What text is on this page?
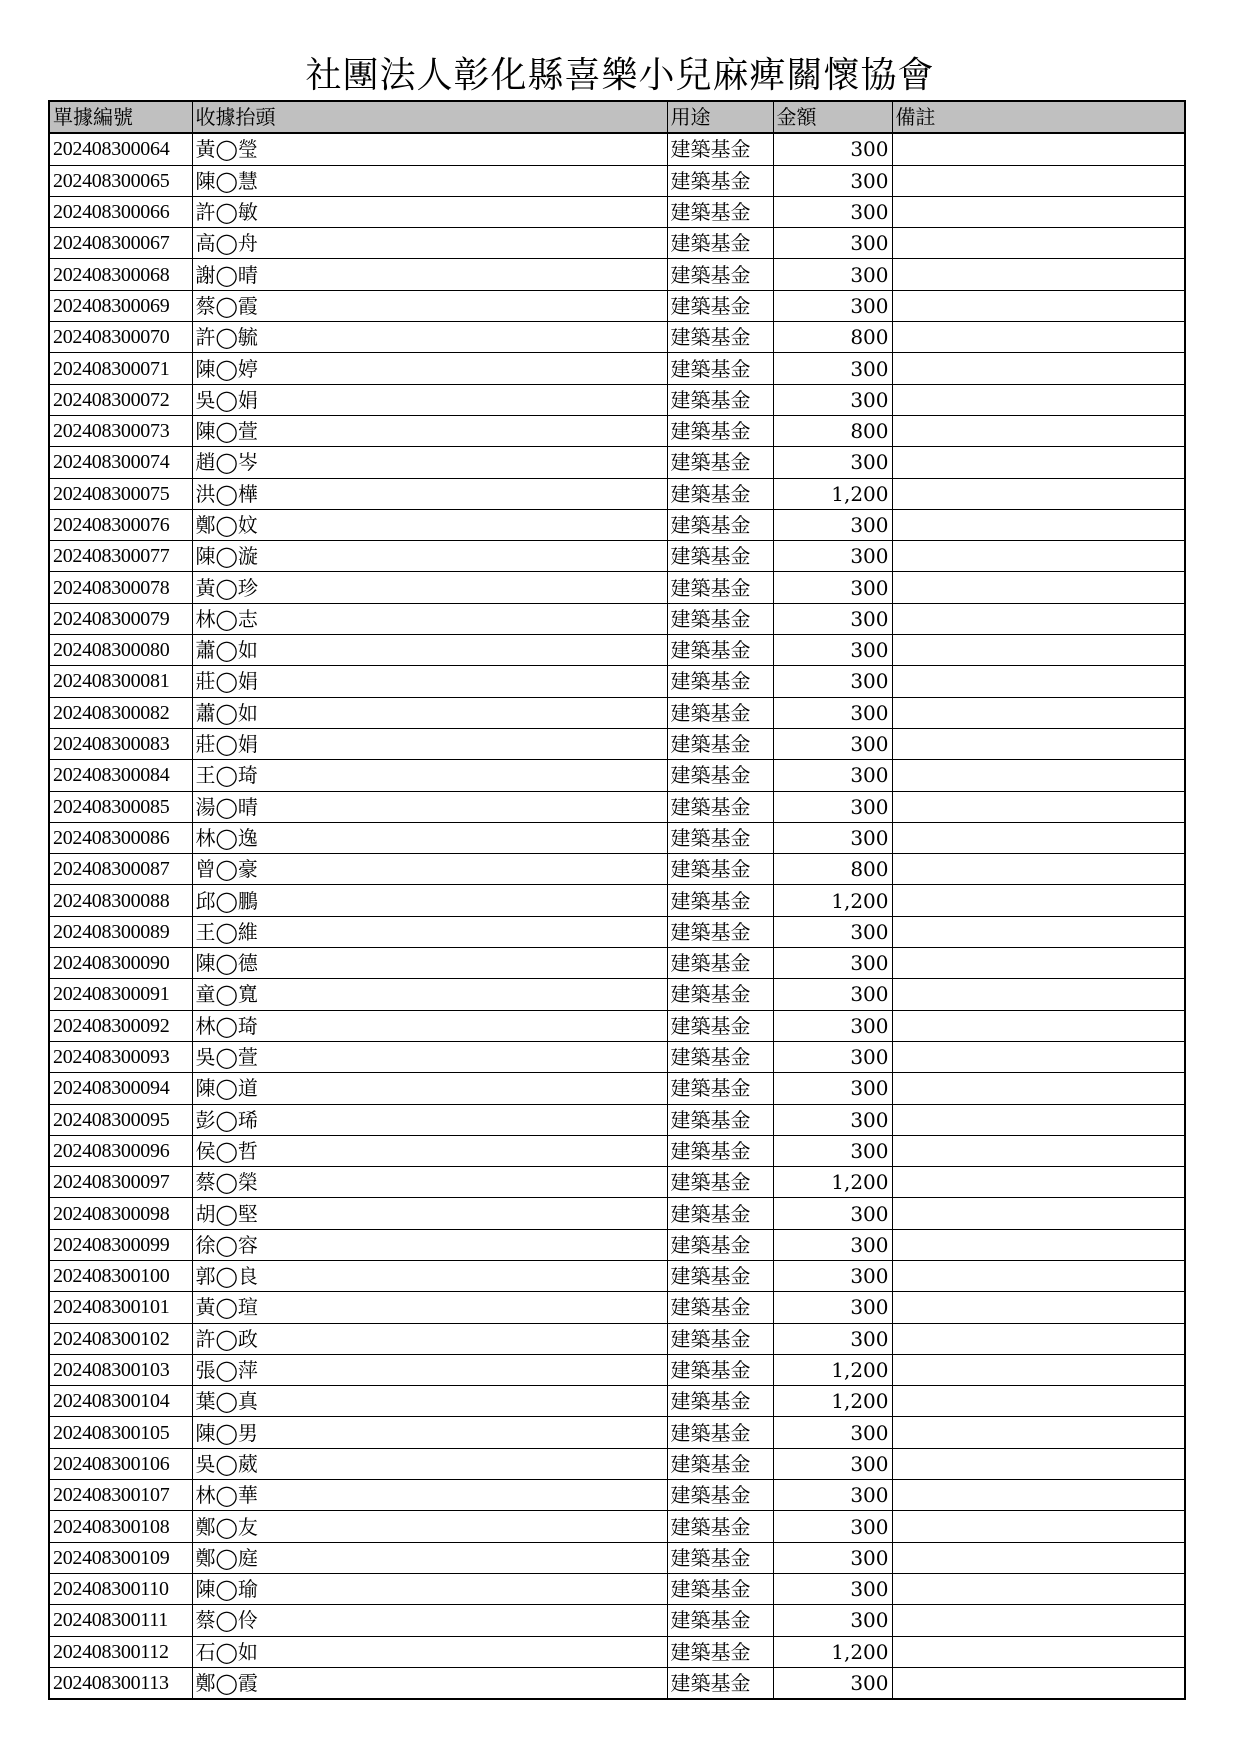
社團法人彰化縣喜樂小兒麻痺關懷協會
單據編號	收據抬頭	用途	金額	備註
202408300064	黃◯瑩	建築基金	300	
202408300065	陳◯慧	建築基金	300	
202408300066	許◯敏	建築基金	300	
202408300067	高◯舟	建築基金	300	
202408300068	謝◯晴	建築基金	300	
202408300069	蔡◯霞	建築基金	300	
202408300070	許◯毓	建築基金	800	
202408300071	陳◯婷	建築基金	300	
202408300072	吳◯娟	建築基金	300	
202408300073	陳◯萱	建築基金	800	
202408300074	趙◯岑	建築基金	300	
202408300075	洪◯樺	建築基金	1,200	
202408300076	鄭◯妏	建築基金	300	
202408300077	陳◯漩	建築基金	300	
202408300078	黃◯珍	建築基金	300	
202408300079	林◯志	建築基金	300	
202408300080	蕭◯如	建築基金	300	
202408300081	莊◯娟	建築基金	300	
202408300082	蕭◯如	建築基金	300	
202408300083	莊◯娟	建築基金	300	
202408300084	王◯琦	建築基金	300	
202408300085	湯◯晴	建築基金	300	
202408300086	林◯逸	建築基金	300	
202408300087	曾◯豪	建築基金	800	
202408300088	邱◯鵬	建築基金	1,200	
202408300089	王◯維	建築基金	300	
202408300090	陳◯德	建築基金	300	
202408300091	童◯寬	建築基金	300	
202408300092	林◯琦	建築基金	300	
202408300093	吳◯萱	建築基金	300	
202408300094	陳◯道	建築基金	300	
202408300095	彭◯琋	建築基金	300	
202408300096	侯◯哲	建築基金	300	
202408300097	蔡◯榮	建築基金	1,200	
202408300098	胡◯堅	建築基金	300	
202408300099	徐◯容	建築基金	300	
202408300100	郭◯良	建築基金	300	
202408300101	黃◯瑄	建築基金	300	
202408300102	許◯政	建築基金	300	
202408300103	張◯萍	建築基金	1,200	
202408300104	葉◯真	建築基金	1,200	
202408300105	陳◯男	建築基金	300	
202408300106	吳◯葳	建築基金	300	
202408300107	林◯華	建築基金	300	
202408300108	鄭◯友	建築基金	300	
202408300109	鄭◯庭	建築基金	300	
202408300110	陳◯瑜	建築基金	300	
202408300111	蔡◯伶	建築基金	300	
202408300112	石◯如	建築基金	1,200	
202408300113	鄭◯霞	建築基金	300	
